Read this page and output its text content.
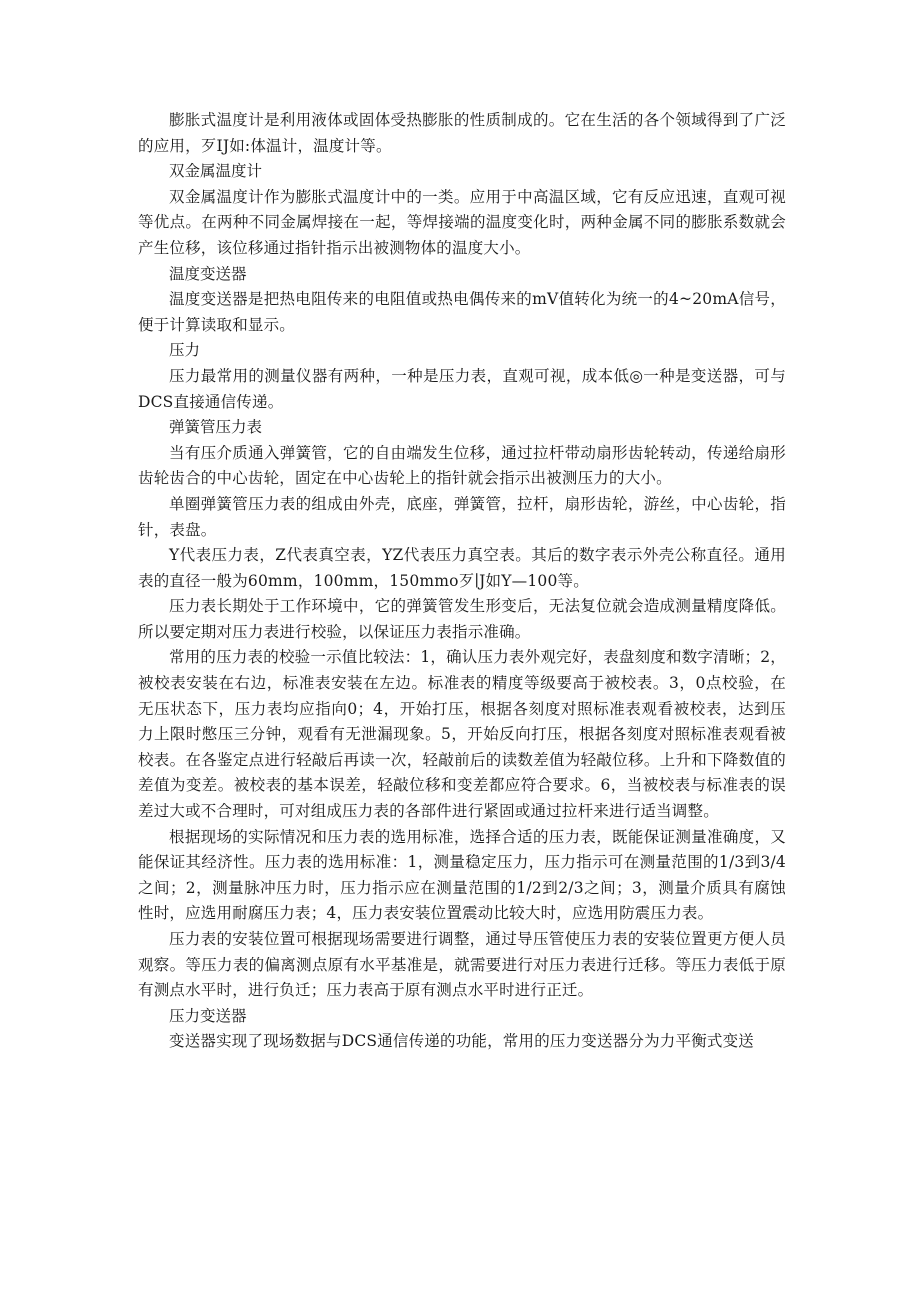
膨胀式温度计是利用液体或固体受热膨胀的性质制成的。它在生活的各个领域得到了广泛的应用，歹IJ如:体温计，温度计等。

双金属温度计

双金属温度计作为膨胀式温度计中的一类。应用于中高温区域，它有反应迅速，直观可视等优点。在两种不同金属焊接在一起，等焊接端的温度变化时，两种金属不同的膨胀系数就会产生位移，该位移通过指针指示出被测物体的温度大小。

温度变送器

温度变送器是把热电阻传来的电阻值或热电偶传来的mV值转化为统一的4~20mA信号，便于计算读取和显示。

压力

压力最常用的测量仪器有两种，一种是压力表，直观可视，成本低◎一种是变送器，可与DCS直接通信传递。

弹簧管压力表

当有压介质通入弹簧管，它的自由端发生位移，通过拉杆带动扇形齿轮转动，传递给扇形齿轮齿合的中心齿轮，固定在中心齿轮上的指针就会指示出被测压力的大小。

单圈弹簧管压力表的组成由外壳，底座，弹簧管，拉杆，扇形齿轮，游丝，中心齿轮，指针，表盘。

Y代表压力表，Z代表真空表，YZ代表压力真空表。其后的数字表示外壳公称直径。通用表的直径一般为60mm，100mm，150mmo歹∣J如Y—100等。

压力表长期处于工作环境中，它的弹簧管发生形变后，无法复位就会造成测量精度降低。所以要定期对压力表进行校验，以保证压力表指示准确。

常用的压力表的校验一示值比较法：1，确认压力表外观完好，表盘刻度和数字清晰；2，被校表安装在右边，标准表安装在左边。标准表的精度等级要高于被校表。3，0点校验，在无压状态下，压力表均应指向0；4，开始打压，根据各刻度对照标准表观看被校表，达到压力上限时憋压三分钟，观看有无泄漏现象。5，开始反向打压，根据各刻度对照标准表观看被校表。在各鉴定点进行轻敲后再读一次，轻敲前后的读数差值为轻敲位移。上升和下降数值的差值为变差。被校表的基本误差，轻敲位移和变差都应符合要求。6，当被校表与标准表的误差过大或不合理时，可对组成压力表的各部件进行紧固或通过拉杆来进行适当调整。

根据现场的实际情况和压力表的选用标准，选择合适的压力表，既能保证测量准确度，又能保证其经济性。压力表的选用标准：1，测量稳定压力，压力指示可在测量范围的1/3到3/4之间；2，测量脉冲压力时，压力指示应在测量范围的1/2到2/3之间；3，测量介质具有腐蚀性时，应选用耐腐压力表；4，压力表安装位置震动比较大时，应选用防震压力表。

压力表的安装位置可根据现场需要进行调整，通过导压管使压力表的安装位置更方便人员观察。等压力表的偏离测点原有水平基准是，就需要进行对压力表进行迁移。等压力表低于原有测点水平时，进行负迁；压力表高于原有测点水平时进行正迁。

压力变送器

变送器实现了现场数据与DCS通信传递的功能，常用的压力变送器分为力平衡式变送
